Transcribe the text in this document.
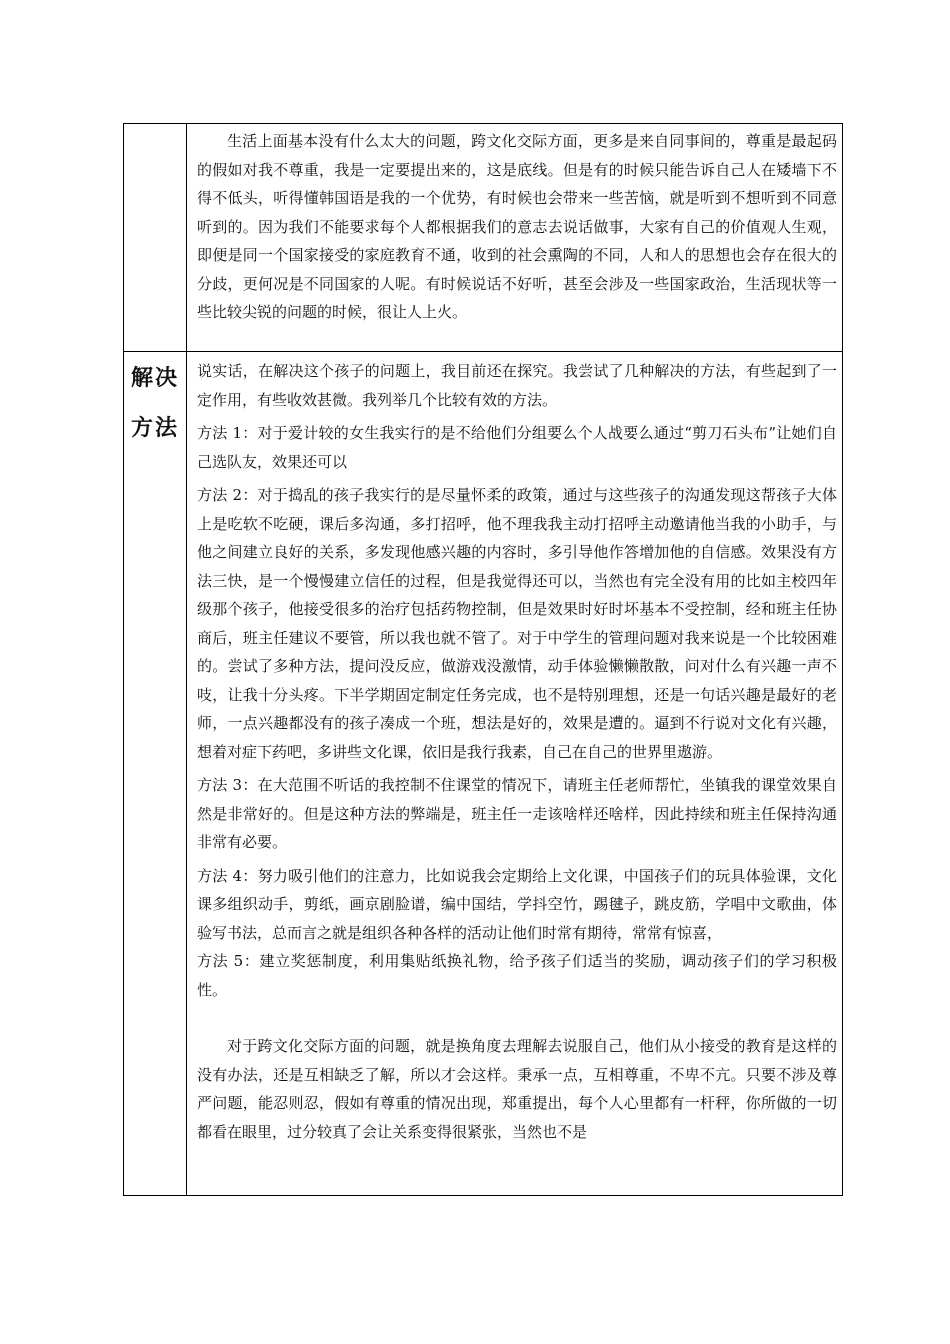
生活上面基本没有什么太大的问题，跨文化交际方面，更多是来自同事间的，尊重是最起码的假如对我不尊重，我是一定要提出来的，这是底线。但是有的时候只能告诉自己人在矮墙下不得不低头，听得懂韩国语是我的一个优势，有时候也会带来一些苦恼，就是听到不想听到不同意听到的。因为我们不能要求每个人都根据我们的意志去说话做事，大家有自己的价值观人生观，即便是同一个国家接受的家庭教育不通，收到的社会熏陶的不同，人和人的思想也会存在很大的分歧，更何况是不同国家的人呢。有时候说话不好听，甚至会涉及一些国家政治，生活现状等一些比较尖锐的问题的时候，很让人上火。

解决
方法

说实话，在解决这个孩子的问题上，我目前还在探究。我尝试了几种解决的方法，有些起到了一定作用，有些收效甚微。我列举几个比较有效的方法。

方法 1：对于爱计较的女生我实行的是不给他们分组要么个人战要么通过“剪刀石头布”让她们自己选队友，效果还可以

方法 2：对于捣乱的孩子我实行的是尽量怀柔的政策，通过与这些孩子的沟通发现这帮孩子大体上是吃软不吃硬，课后多沟通，多打招呼，他不理我我主动打招呼主动邀请他当我的小助手，与他之间建立良好的关系，多发现他感兴趣的内容时，多引导他作答增加他的自信感。效果没有方法三快，是一个慢慢建立信任的过程，但是我觉得还可以，当然也有完全没有用的比如主校四年级那个孩子，他接受很多的治疗包括药物控制，但是效果时好时坏基本不受控制，经和班主任协商后，班主任建议不要管，所以我也就不管了。对于中学生的管理问题对我来说是一个比较困难的。尝试了多种方法，提问没反应，做游戏没激情，动手体验懒懒散散，问对什么有兴趣一声不吱，让我十分头疼。下半学期固定制定任务完成，也不是特别理想，还是一句话兴趣是最好的老师，一点兴趣都没有的孩子凑成一个班，想法是好的，效果是遭的。逼到不行说对文化有兴趣，想着对症下药吧，多讲些文化课，依旧是我行我素，自己在自己的世界里遨游。

方法 3：在大范围不听话的我控制不住课堂的情况下，请班主任老师帮忙，坐镇我的课堂效果自然是非常好的。但是这种方法的弊端是，班主任一走该啥样还啥样，因此持续和班主任保持沟通非常有必要。

方法 4：努力吸引他们的注意力，比如说我会定期给上文化课，中国孩子们的玩具体验课，文化课多组织动手，剪纸，画京剧脸谱，编中国结，学抖空竹，踢毽子，跳皮筋，学唱中文歌曲，体验写书法，总而言之就是组织各种各样的活动让他们时常有期待，常常有惊喜，

方法 5：建立奖惩制度，利用集贴纸换礼物，给予孩子们适当的奖励，调动孩子们的学习积极性。

对于跨文化交际方面的问题，就是换角度去理解去说服自己，他们从小接受的教育是这样的没有办法，还是互相缺乏了解，所以才会这样。秉承一点，互相尊重，不卑不亢。只要不涉及尊严问题，能忍则忍，假如有尊重的情况出现，郑重提出，每个人心里都有一杆秤，你所做的一切都看在眼里，过分较真了会让关系变得很紧张，当然也不是
